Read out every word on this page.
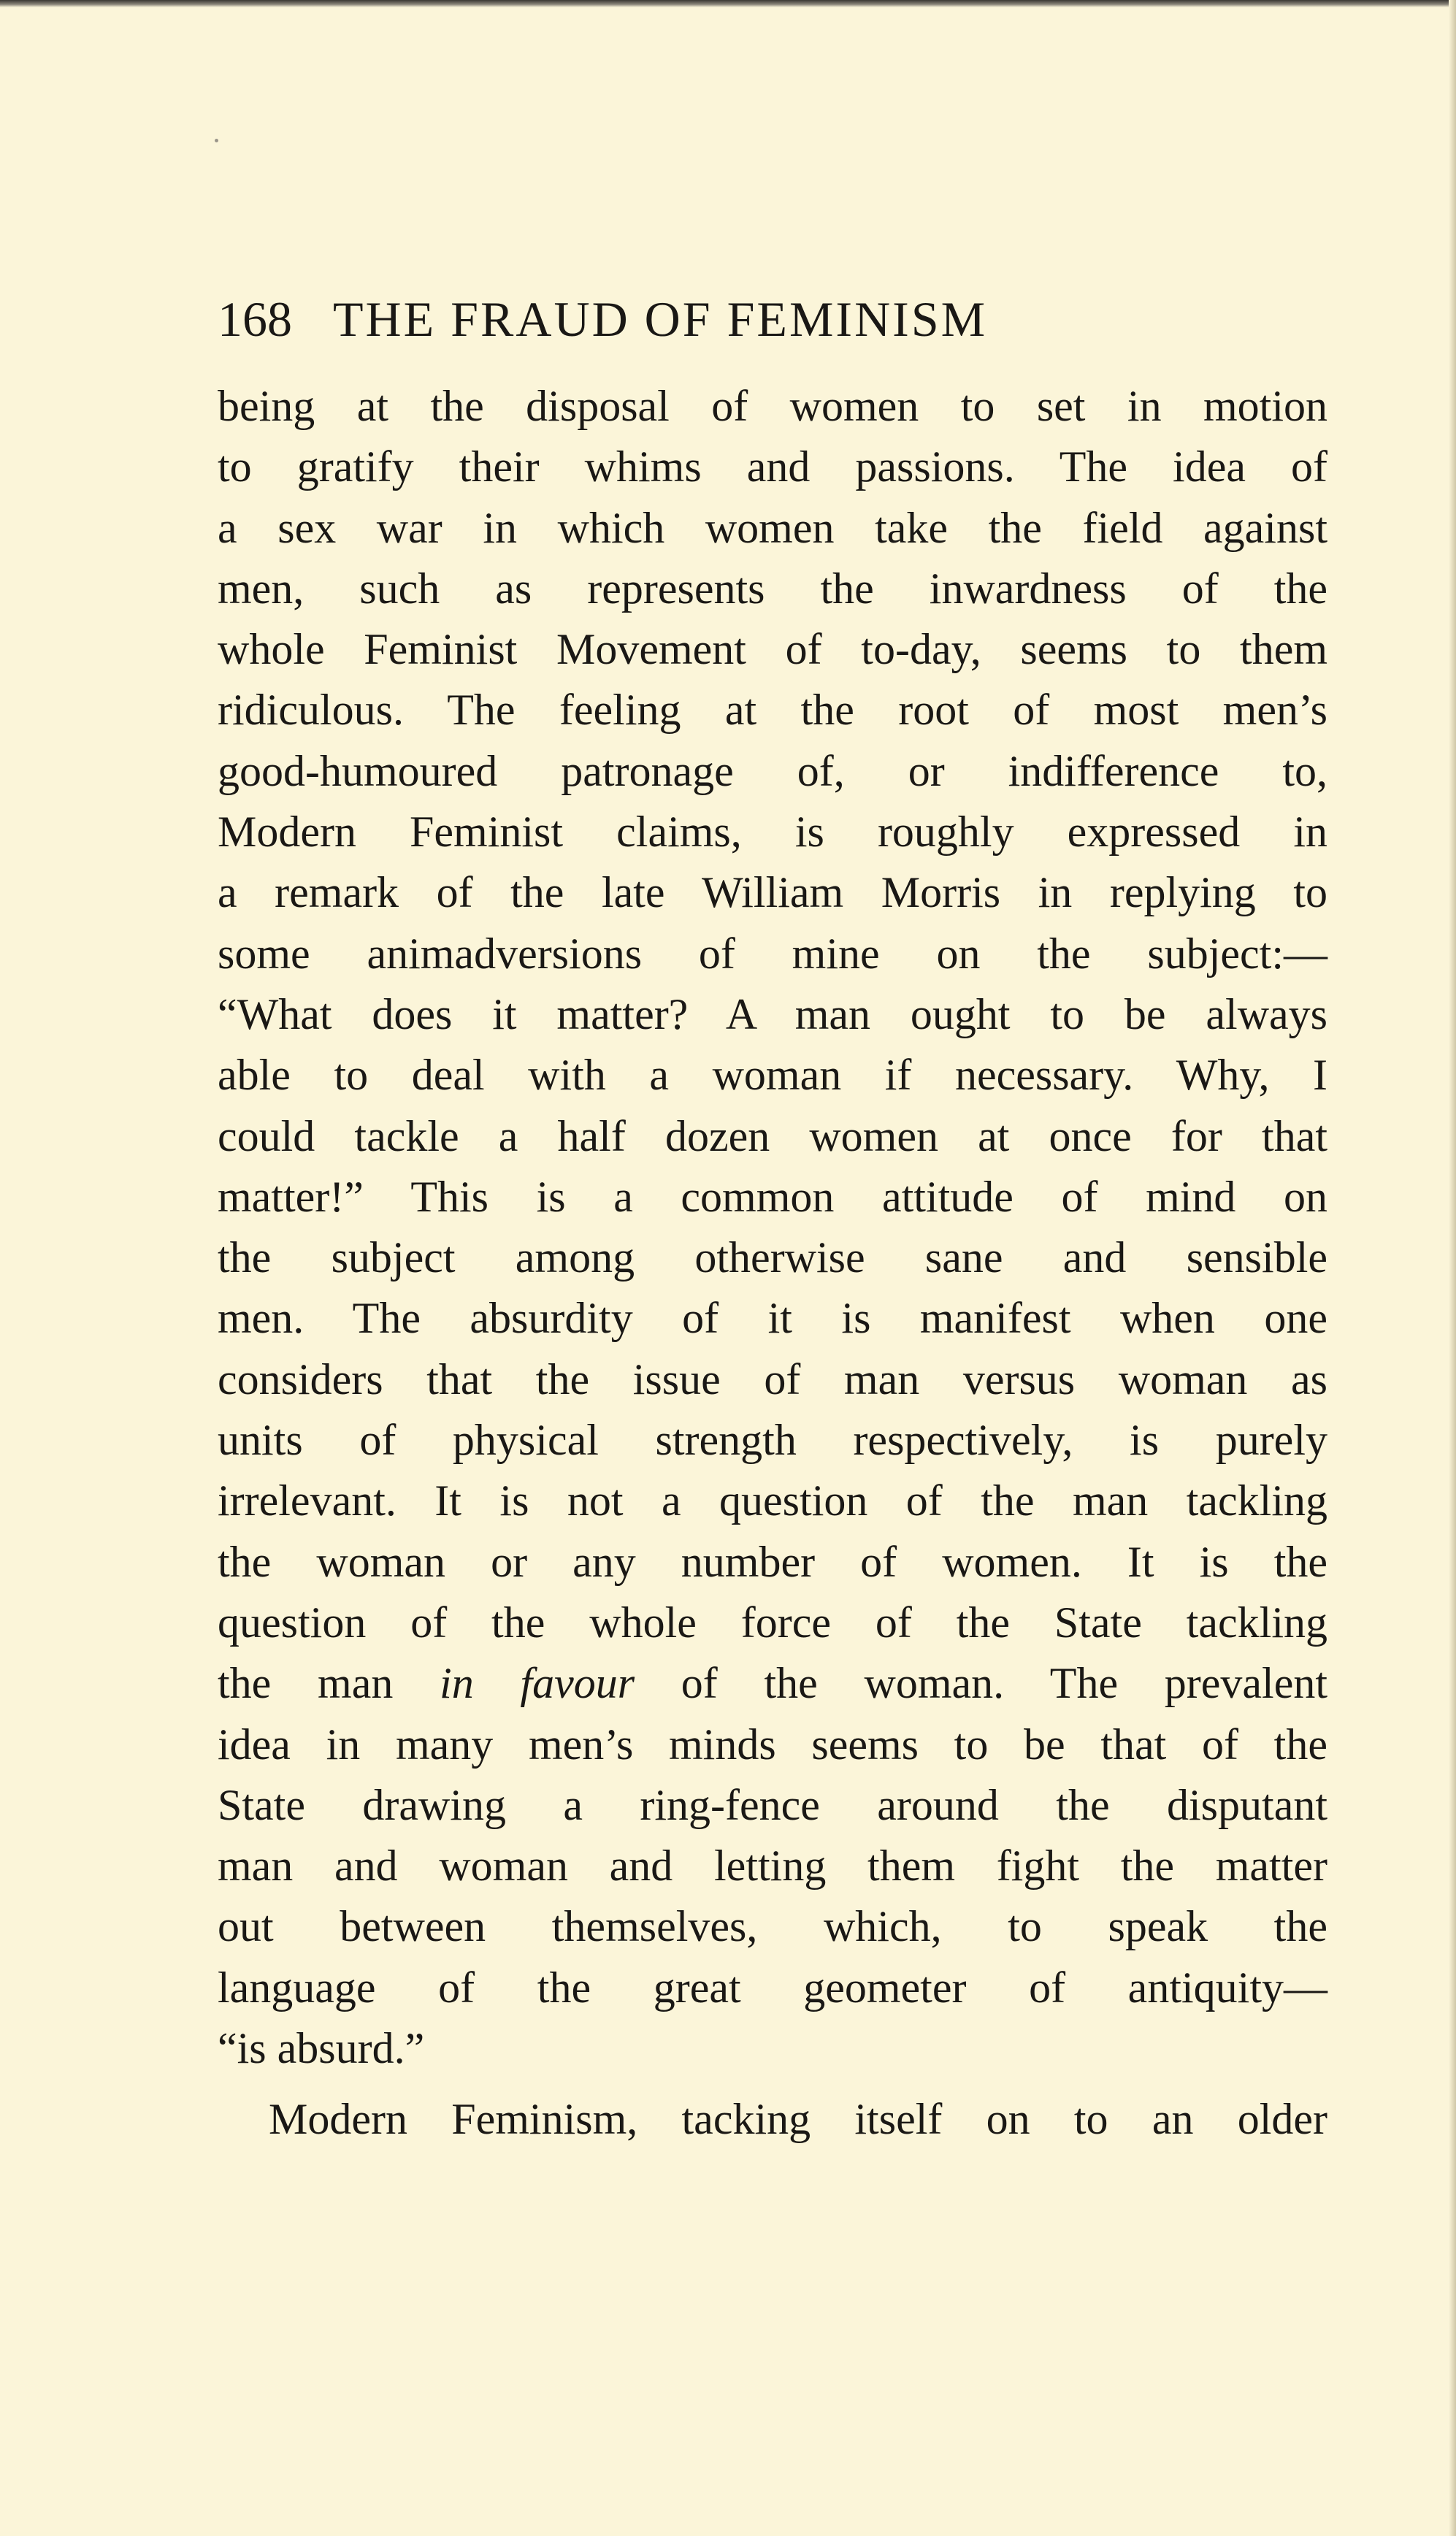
168 THE FRAUD OF FEMINISM
being at the disposal of women to set in motion
to gratify their whims and passions. The idea of
a sex war in which women take the field against
men, such as represents the inwardness of the
whole Feminist Movement of to-day, seems to them
ridiculous. The feeling at the root of most men’s
good-humoured patronage of, or indifference to,
Modern Feminist claims, is roughly expressed in
a remark of the late William Morris in replying to
some animadversions of mine on the subject:—
“What does it matter? A man ought to be always
able to deal with a woman if necessary. Why, I
could tackle a half dozen women at once for that
matter!” This is a common attitude of mind on
the subject among otherwise sane and sensible
men. The absurdity of it is manifest when one
considers that the issue of man versus woman as
units of physical strength respectively, is purely
irrelevant. It is not a question of the man tackling
the woman or any number of women. It is the
question of the whole force of the State tackling
the man in favour of the woman. The prevalent
idea in many men’s minds seems to be that of the
State drawing a ring-fence around the disputant
man and woman and letting them fight the matter
out between themselves, which, to speak the
language of the great geometer of antiquity—
“is absurd.”
Modern Feminism, tacking itself on to an older
